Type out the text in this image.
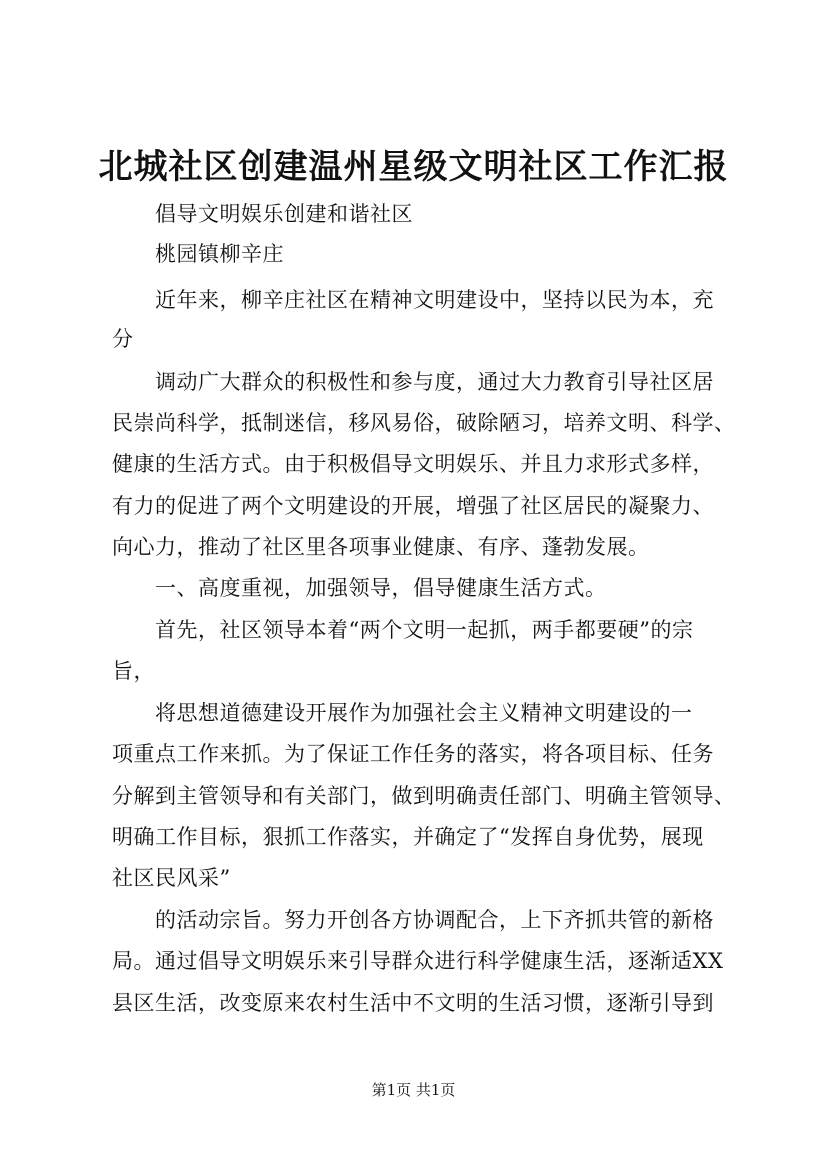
北城社区创建温州星级文明社区工作汇报
倡导文明娱乐创建和谐社区
桃园镇柳辛庄
近年来，柳辛庄社区在精神文明建设中，坚持以民为本，充
分
调动广大群众的积极性和参与度，通过大力教育引导社区居
民崇尚科学，抵制迷信，移风易俗，破除陋习，培养文明、科学、
健康的生活方式。由于积极倡导文明娱乐、并且力求形式多样，
有力的促进了两个文明建设的开展，增强了社区居民的凝聚力、
向心力，推动了社区里各项事业健康、有序、蓬勃发展。
一、高度重视，加强领导，倡导健康生活方式。
首先，社区领导本着“两个文明一起抓，两手都要硬”的宗
旨，
将思想道德建设开展作为加强社会主义精神文明建设的一
项重点工作来抓。为了保证工作任务的落实，将各项目标、任务
分解到主管领导和有关部门，做到明确责任部门、明确主管领导、
明确工作目标，狠抓工作落实，并确定了“发挥自身优势，展现
社区民风采”
的活动宗旨。努力开创各方协调配合，上下齐抓共管的新格
局。通过倡导文明娱乐来引导群众进行科学健康生活，逐渐适XX
县区生活，改变原来农村生活中不文明的生活习惯，逐渐引导到
第1页 共1页
